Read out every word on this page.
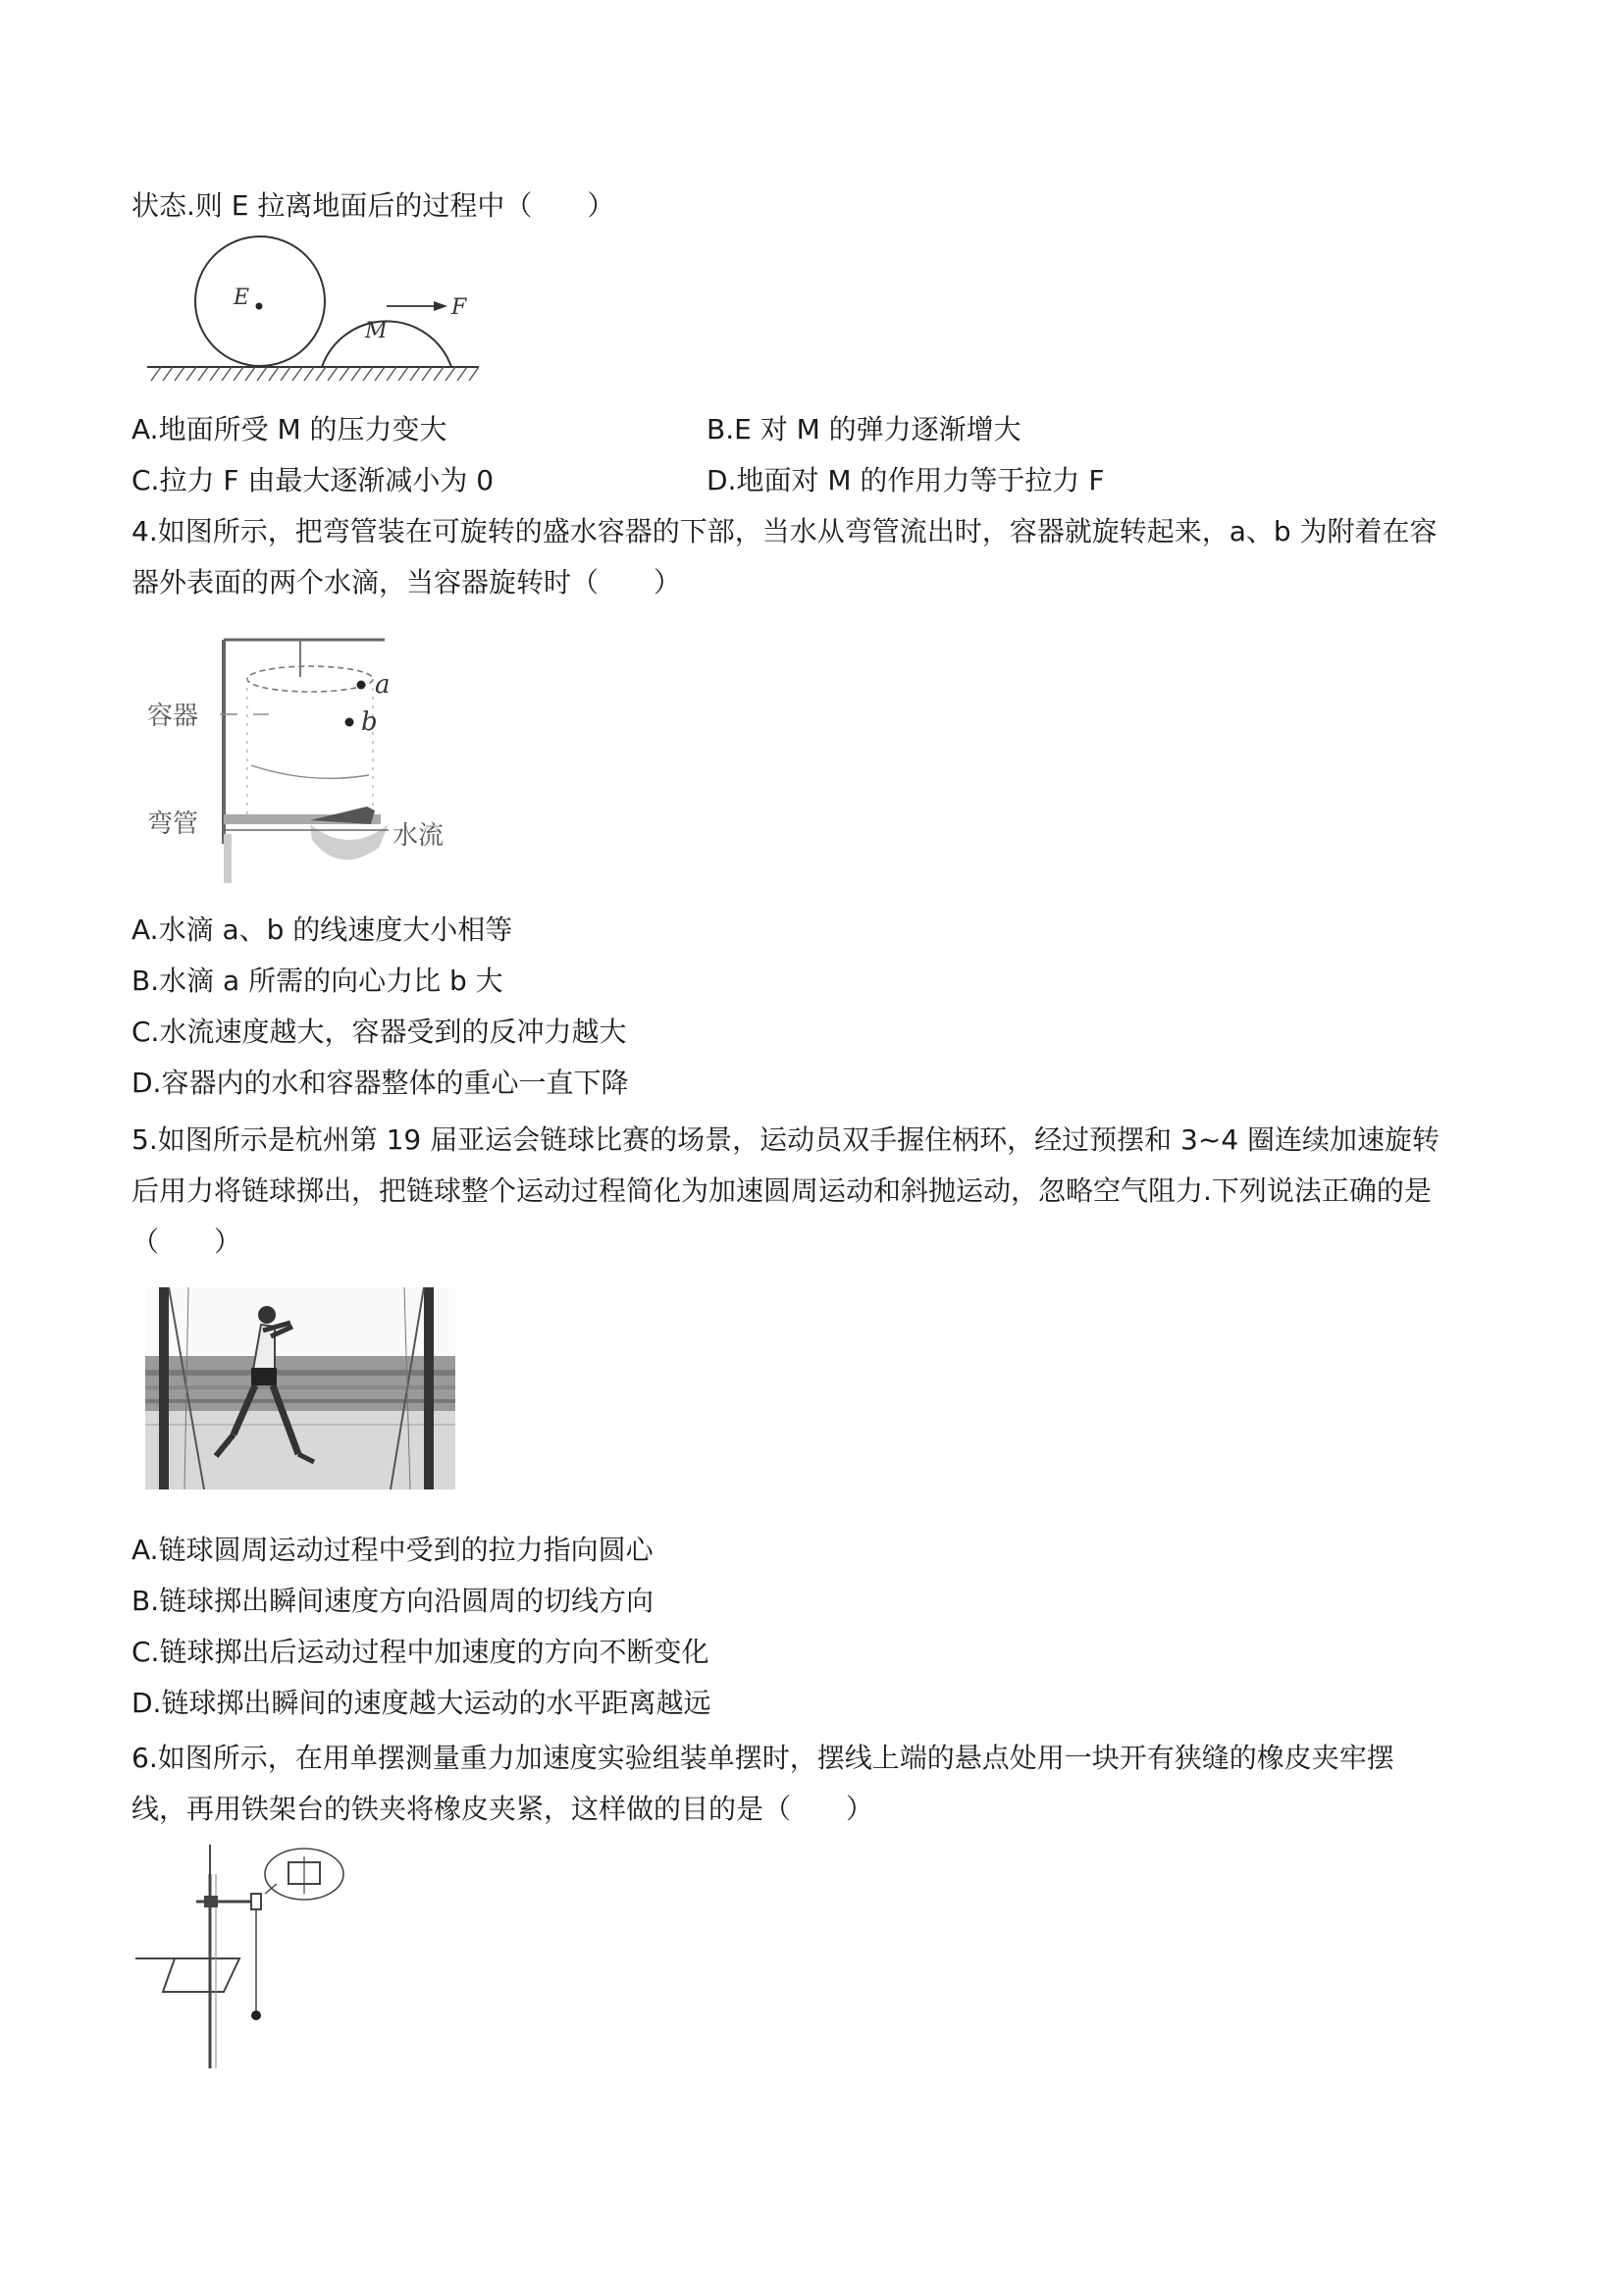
状态.则 E 拉离地面后的过程中（　　）
E
M
F
A.地面所受 M 的压力变大	B.E 对 M 的弹力逐渐增大
C.拉力 F 由最大逐渐减小为 0	D.地面对 M 的作用力等于拉力 F
4.如图所示，把弯管装在可旋转的盛水容器的下部，当水从弯管流出时，容器就旋转起来，a、b 为附着在容
器外表面的两个水滴，当容器旋转时（　　）
a
b
容器
弯管	水流
A.水滴 a、b 的线速度大小相等
B.水滴 a 所需的向心力比 b 大
C.水流速度越大，容器受到的反冲力越大
D.容器内的水和容器整体的重心一直下降
5.如图所示是杭州第 19 届亚运会链球比赛的场景，运动员双手握住柄环，经过预摆和 3~4 圈连续加速旋转
后用力将链球掷出，把链球整个运动过程简化为加速圆周运动和斜抛运动，忽略空气阻力.下列说法正确的是
（　　）
A.链球圆周运动过程中受到的拉力指向圆心
B.链球掷出瞬间速度方向沿圆周的切线方向
C.链球掷出后运动过程中加速度的方向不断变化
D.链球掷出瞬间的速度越大运动的水平距离越远
6.如图所示，在用单摆测量重力加速度实验组装单摆时，摆线上端的悬点处用一块开有狭缝的橡皮夹牢摆
线，再用铁架台的铁夹将橡皮夹紧，这样做的目的是（　　）
